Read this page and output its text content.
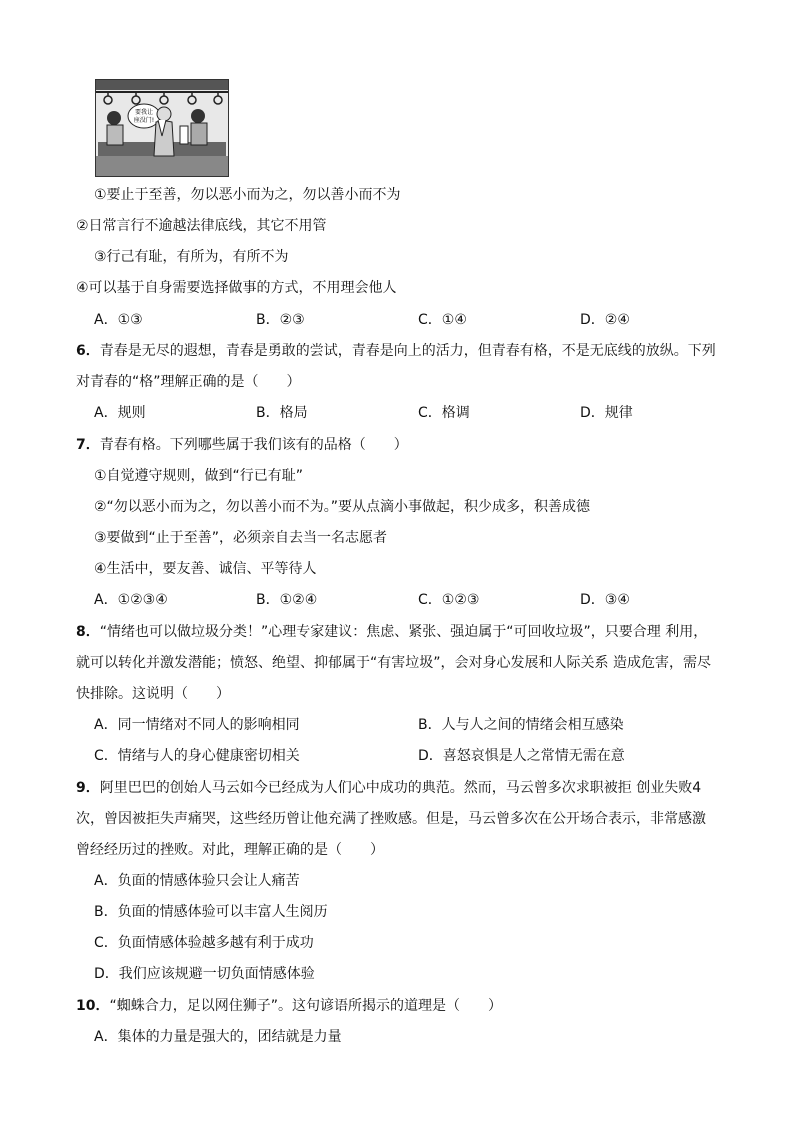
要我让
座没门!
①要止于至善，勿以恶小而为之，勿以善小而不为
②日常言行不逾越法律底线，其它不用管
③行己有耻，有所为，有所不为
④可以基于自身需要选择做事的方式，不用理会他人
A．①③	B．②③	C．①④	D．②④
6．青春是无尽的遐想，青春是勇敢的尝试，青春是向上的活力，但青春有格，不是无底线的放纵。下列
对青春的“格”理解正确的是（　　）
A．规则	B．格局	C．格调	D．规律
7．青春有格。下列哪些属于我们该有的品格（　　）
①自觉遵守规则，做到“行已有耻”
②“勿以恶小而为之，勿以善小而不为。”要从点滴小事做起，积少成多，积善成德
③要做到“止于至善”，必须亲自去当一名志愿者
④生活中，要友善、诚信、平等待人
A．①②③④	B．①②④	C．①②③	D．③④
8．“情绪也可以做垃圾分类！”心理专家建议：焦虑、紧张、强迫属于“可回收垃圾”，只要合理 利用，
就可以转化并激发潜能；愤怒、绝望、抑郁属于“有害垃圾”，会对身心发展和人际关系 造成危害，需尽
快排除。这说明（　　）
A．同一情绪对不同人的影响相同	B．人与人之间的情绪会相互感染
C．情绪与人的身心健康密切相关	D．喜怒哀惧是人之常情无需在意
9．阿里巴巴的创始人马云如今已经成为人们心中成功的典范。然而，马云曾多次求职被拒 创业失败4
次，曾因被拒失声痛哭，这些经历曾让他充满了挫败感。但是，马云曾多次在公开场合表示，非常感激
曾经经历过的挫败。对此，理解正确的是（　　）
A．负面的情感体验只会让人痛苦
B．负面的情感体验可以丰富人生阅历
C．负面情感体验越多越有利于成功
D．我们应该规避一切负面情感体验
10．“蜘蛛合力，足以网住狮子”。这句谚语所揭示的道理是（　　）
A．集体的力量是强大的，团结就是力量
